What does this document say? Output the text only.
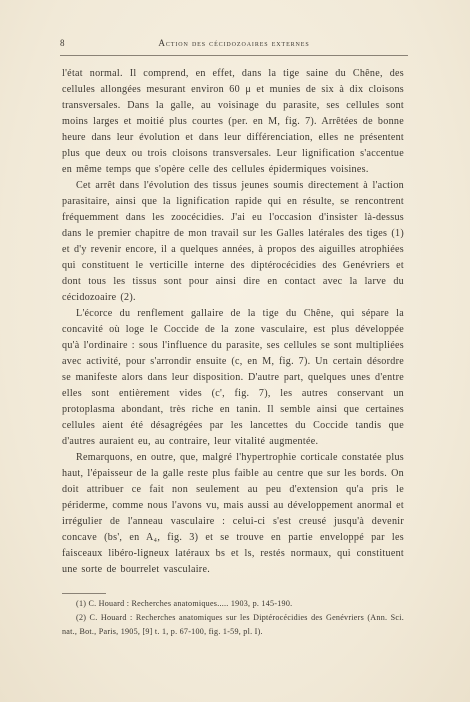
8	Action des cécidozoaires externes

l'état normal. Il comprend, en effet, dans la tige saine du Chêne, des cellules allongées mesurant environ 60 μ et munies de six à dix cloisons transversales. Dans la galle, au voisinage du parasite, ses cellules sont moins larges et moitié plus courtes (per. en M, fig. 7). Arrêtées de bonne heure dans leur évolution et dans leur différenciation, elles ne présentent plus que deux ou trois cloisons transversales. Leur lignification s'accentue en même temps que s'opère celle des cellules épidermiques voisines.

Cet arrêt dans l'évolution des tissus jeunes soumis directement à l'action parasitaire, ainsi que la lignification rapide qui en résulte, se rencontrent fréquemment dans les zoocécidies. J'ai eu l'occasion d'insister là-dessus dans le premier chapitre de mon travail sur les Galles latérales des tiges (1) et d'y revenir encore, il a quelques années, à propos des aiguilles atrophiées qui constituent le verticille interne des diptérocécidies des Genévriers et dont tous les tissus sont pour ainsi dire en contact avec la larve du cécidozoaire (2).

L'écorce du renflement gallaire de la tige du Chêne, qui sépare la concavité où loge le Coccide de la zone vasculaire, est plus développée qu'à l'ordinaire : sous l'influence du parasite, ses cellules se sont multipliées avec activité, pour s'arrondir ensuite (c, en M, fig. 7). Un certain désordre se manifeste alors dans leur disposition. D'autre part, quelques unes d'entre elles sont entièrement vides (c', fig. 7), les autres conservant un protoplasma abondant, très riche en tanin. Il semble ainsi que certaines cellules aient été désagrégées par les lancettes du Coccide tandis que d'autres auraient eu, au contraire, leur vitalité augmentée.

Remarquons, en outre, que, malgré l'hypertrophie corticale constatée plus haut, l'épaisseur de la galle reste plus faible au centre que sur les bords. On doit attribuer ce fait non seulement au peu d'extension qu'a pris le périderme, comme nous l'avons vu, mais aussi au développement anormal et irrégulier de l'anneau vasculaire : celui-ci s'est creusé jusqu'à devenir concave (bs', en A₄, fig. 3) et se trouve en partie enveloppé par les faisceaux libéro-ligneux latéraux bs et ls, restés normaux, qui constituent une sorte de bourrelet vasculaire.

(1) C. Houard : Recherches anatomiques..... 1903, p. 145-190.

(2) C. Houard : Recherches anatomiques sur les Diptérocécidies des Genévriers (Ann. Sci. nat., Bot., Paris, 1905, [9] t. 1, p. 67-100, fig. 1-59, pl. I).
